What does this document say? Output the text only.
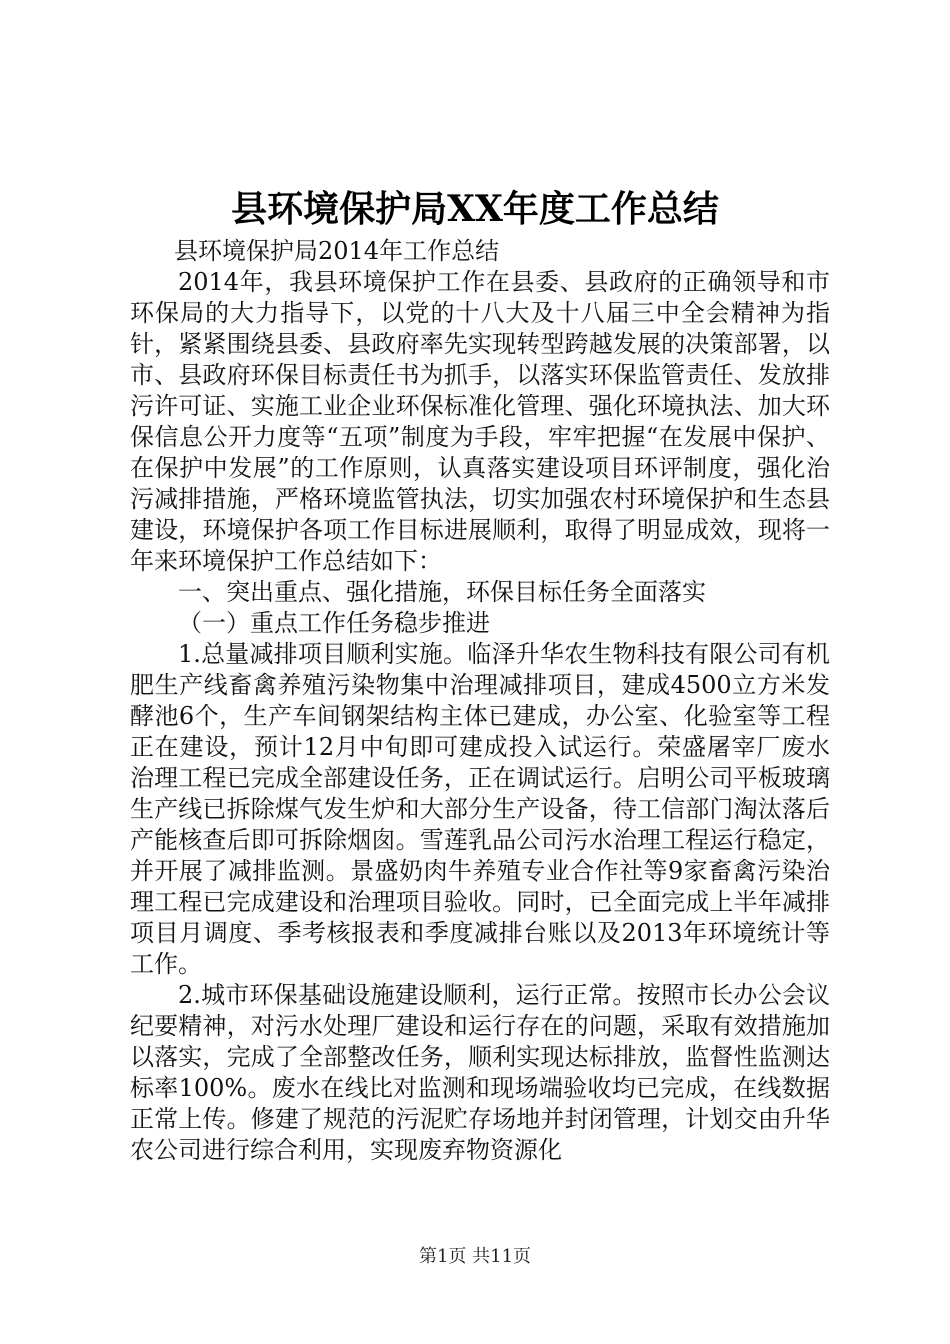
县环境保护局XX年度工作总结

县环境保护局2014年工作总结

2014年，我县环境保护工作在县委、县政府的正确领导和市环保局的大力指导下，以党的十八大及十八届三中全会精神为指针，紧紧围绕县委、县政府率先实现转型跨越发展的决策部署，以市、县政府环保目标责任书为抓手，以落实环保监管责任、发放排污许可证、实施工业企业环保标准化管理、强化环境执法、加大环保信息公开力度等“五项”制度为手段，牢牢把握“在发展中保护、在保护中发展”的工作原则，认真落实建设项目环评制度，强化治污减排措施，严格环境监管执法，切实加强农村环境保护和生态县建设，环境保护各项工作目标进展顺利，取得了明显成效，现将一年来环境保护工作总结如下：

一、突出重点、强化措施，环保目标任务全面落实

（一）重点工作任务稳步推进

1.总量减排项目顺利实施。临泽升华农生物科技有限公司有机肥生产线畜禽养殖污染物集中治理减排项目，建成4500立方米发酵池6个，生产车间钢架结构主体已建成，办公室、化验室等工程正在建设，预计12月中旬即可建成投入试运行。荣盛屠宰厂废水治理工程已完成全部建设任务，正在调试运行。启明公司平板玻璃生产线已拆除煤气发生炉和大部分生产设备，待工信部门淘汰落后产能核查后即可拆除烟囱。雪莲乳品公司污水治理工程运行稳定，并开展了减排监测。景盛奶肉牛养殖专业合作社等9家畜禽污染治理工程已完成建设和治理项目验收。同时，已全面完成上半年减排项目月调度、季考核报表和季度减排台账以及2013年环境统计等工作。

2.城市环保基础设施建设顺利，运行正常。按照市长办公会议纪要精神，对污水处理厂建设和运行存在的问题，采取有效措施加以落实，完成了全部整改任务，顺利实现达标排放，监督性监测达标率100%。废水在线比对监测和现场端验收均已完成，在线数据正常上传。修建了规范的污泥贮存场地并封闭管理，计划交由升华农公司进行综合利用，实现废弃物资源化

第1页 共11页
